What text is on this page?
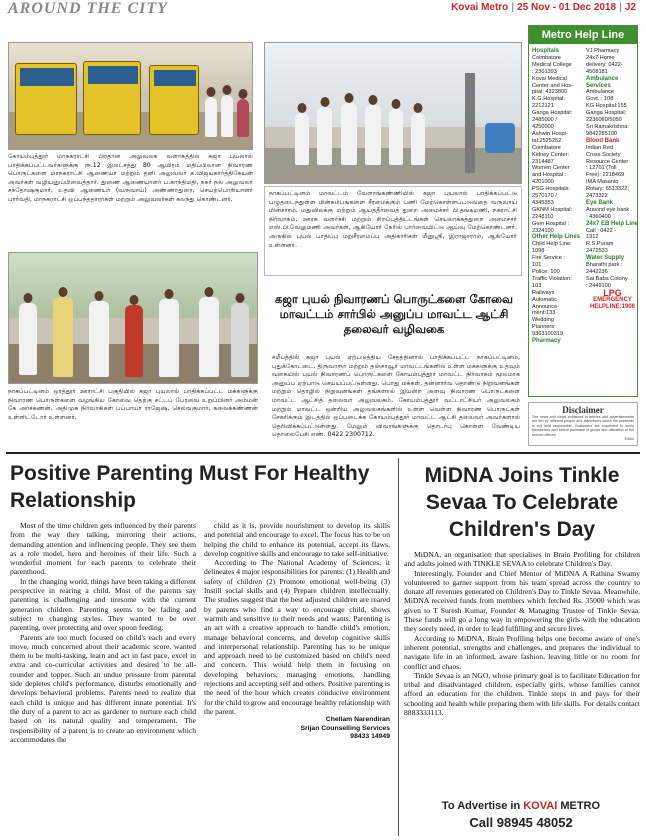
Kovai Metro | 25 Nov - 01 Dec 2018 | J2
AROUND THE CITY
கோயம்புத்தூர் மாநகராட்சி பிரதான அலுவலக வளாகத்தில் கஜா புயலால் பாதிக்கப்பட்டவர்களுக்கு ரூ.12 இலட்சத்து 80 ஆயிரம் மதிப்பிலான நிவாரண பொருட்களை மாநகராட்சி ஆணையர் மற்றும் தனி அலுவலர் க.விஜயகார்த்திகேயன் அவர்கள் வழியனுப்பிவைத்தார். துணை ஆணையாளர் ப.காந்திமதி, நகர் நல அலுவலர் சந்தோஷ்குமார், உதவி ஆணையர் (வருவாய்) அண்ணாதுரை, செயற்பொறியாளர் பார்வதி, மாநகராட்சி ஒப்பந்ததாரர்கள் மற்றும் அலுவலர்கள் கலந்து கொண்டனர்.
நாகப்பட்டினம் மாவட்டம் வேளாங்கண்ணியில் கஜா புயலால் பாதிக்கப்பட்டு பழுதடைந்துள்ள மின்கம்பங்களை சீரமைக்கும் பணி மேற்கொள்ளப்படுவதை வருவாய் மின்சாரம், மதுவிலக்கு மற்றும் ஆயத்தீர்வைத் துறை அமைச்சர் பி.தங்கமணி, நகராட்சி நிர்வாகம், ஊரக வளர்ச்சி மற்றும் சிறப்புத்திட்டங்கள் செயலாக்கத்துறை அமைச்சர் எஸ்.பி.வேலுமணி அவர்கள், ஆகியோர் நேரில் பார்வையிட்டு ஆய்வு மேற்கொண்டனர். அருகில் புயல் பாதிப்பு மறுசீரமைப்பு அதிகாரிகள் மீனுஸ்ரீ, இராஜாராம், ஆகியோர் உள்ளனர்.
நாகப்பட்டினம் ஒரத்தூர் ஊராட்சி பகுதியில் கஜா புயலால் பாதிக்கப்பட்ட மக்களுக்கு நிவாரண பொருள்களை வழங்கிய கோவை தெற்கு சட்டப் பேரவை உறுப்பினர் அம்மன் கே அர்ச்சுணன். அதிமுக நிர்வாகிகள் பப்பாயா ராஜேஷ், செல்வகுமார், கலைக்கண்ணன் உள்ளிட்டோர் உள்ளனர்.
கஜா புயல் நிவாரணப் பொருட்களை கோவை மாவட்டம் சார்பில் அனுப்ப மாவட்ட ஆட்சி தலைவர் வழிவகை
சமீபத்தில் கஜா புயல் ஏற்படுத்திய சேதத்தினால் பாதிக்கப்பட்ட நாகப்பட்டினம், புதுக்கோட்டை, திருவாரூர் மற்றும் தஞ்சாவூர் மாவட்டங்களில் உள்ள மக்களுக்கு உதவும் வகையில் புயல் நிவாரணப் பொருட்களை கோயம்புத்தூர் மாவட்ட நிர்வாகம் மூலமாக அனுப்ப ஏற்பாடு செய்யப்பட்டுள்ளது. பொது மக்கள், தன்னார்வ தொண்டு நிறுவனங்கள் மற்றும் தொழில் நிறுவனங்கள் தங்களால் இயன்ற அளவு நிவாரண பொருட்களை மாவட்ட ஆட்சித் தலைவர் அலுவலகம், கோயம்புத்தூர் வட்டாட்சியர் அலுவலகம் மற்றும் மாவட்ட ஒன்றிய அலுவலகங்களில் உள்ள வெள்ள நிவாரண பொருட்கள் சேகரிக்கும் இடத்தில் ஒப்படைக்க கோயம்புத்தூர் மாவட்ட ஆட்சி தலைவர் அவர்களால் தெரிவிக்கப்பட்டுள்ளது. மேலும் விவரங்களுக்கு தொடர்பு கொள்ள வேண்டிய தொலைபேசி எண். 0422 2300712.
Metro Help Line
Hospitals
Coimbatore
Medical College
: 2301393
Kovai Medical
Center and Hos-
pital: 4323800
K.G.Hospital:
2212121
Ganga Hospital:
2485000 /
4250000
Ashwin Hospi-
tal:2525252
Coimbatore
Kidney Center:
2314487
Women Center
and Hospital :
4201000
PSG Hospitals:
2570170 /
4345353
GKNM Hospital:
2248110
Gem Hospital :
2324100
Other Help Lines
Child Help Line:
1098
Fire Service :
101
Police: 100
Traffic Violation:
103
Railways
Automatic
Announce-
ment:133
Wedding
Planners:
9363100319
Pharmacy
VJ Pharmacy
24x7 Home
delivery: 0422-
4508181
Ambulance Services
Ambulance
Govt. : 108
KG Hospital:155
Ganga Hospital:
2236060/5050
Sri Ramakrishna:
9842285100
Blood Bank
Indian Red
Cross Society
Resource Center
: 12701 (Toll
Free): 2218469
IMA Masanio
Rotary: 6513322,
2473322
Eye Bank
Aravind eye bank
: 4360400
24x7 EB Help Line
Call : 0422 -
1912
R.S.Puram
2472533
Water Supply
Bharathi park :
2442236
Sai Baba Colony
: 2449100
LPG
EMERGENCY HELPLINE:1906
Disclaimer
The news and views published in articles and advertisements are fed by different people and advertisers which the publisher is not held responsible. Customers are requested to verify themselves well before purchase of goods and utilization of the service offered.
Editor
Positive Parenting Must For Healthy Relationship

Most of the time children gets influenced by their parents from the way they talking, mirroring their actions, demanding attention and influencing people. They see them as a role model, hero and heroines of their life. Such a wonderful moment for each parents to celebrate their parenthood.

In the changing world, things have been taking a different perspective in rearing a child. Most of the parents say parenting is challenging and tiresome with the current generation children. Parenting seems to be fading and subject to changing styles. They wanted to be over parenting, over protecting and over spoon feeding.

Parents are too much focused on child's each and every move, much concerned about their academic score, wanted them to be multi-tasking, learn and act in fast pace, excel in extra and co-curricular activities and desired to be all-rounder and topper. Such an undue pressure from parental side depletes child's performance, disturbs emotionally and develops behavioral problems. Parents need to realize that each child is unique and has different innate potential. It's the duty of a parent to act as gardener to nurture each child based on its natural quality and temperament. The responsibility of a parent is to create an environment which accommodates the

child as it is, provide nourishment to develop its skills and potential and encourage to excel. The focus has to be on helping the child to enhance its potential, accept its flaws, develop cognitive skills and encourage to take self-initiative.

According to The National Academy of Sciences, it delineates 4 major responsibilities for parents: (1) Health and safety of children (2) Promote emotional well-being (3) Instill social skills and (4) Prepare children intellectually. The studies suggest that the best adjusted children are reared by parents who find a way to encourage child, shows warmth and sensitive to their needs and wants. Parenting is an art with a creative approach to handle child's emotion, manage behavioral concerns, and develop cognitive skills and interpersonal relationship. Parenting has to be unique and approach need to be customized based on child's need and concern. This would help them in focusing on developing behaviors, managing emotions, handling rejections and accepting self and others. Positive parenting is the need of the hour which creates conducive environment for the child to grow and encourage healthy relationship with the parent.

Chellam Narendiran
Srijan Counselling Services
98433 14949
MiDNA Joins Tinkle Sevaa To Celebrate Children's Day

MiDNA, an organisation that specialises in Brain Profiling for children and adults joined with TINKLE SEVAA to celebrate Children's Day.

Interestingly, Founder and Chief Mentor of MiDNA A Rathina Swamy volunteered to garner support from his team spread across the country to donate all revenues generated on Children's Day to Tinkle Sevaa. Meanwhile, MiDNA received funds from members which fetched Rs. 35000 which was given to T Suresh Kumar, Founder & Managing Trustee of Tinkle Sevaa. These funds will go a long way in empowering the girls with the education they sorely need, in order to lead fulfilling and secure lives.

According to MiDNA, Brain Profiling helps one become aware of one's inherent potential, strengths and challenges, and prepares the individual to navigate life in an informed, aware fashion, leaving little or no room for conflict and chaos.

Tinkle Sevaa is an NGO, whose primary goal is to facilitate Education for tribal and disadvantaged children, especially girls, whose families cannot afford an education for the children. Tinkle steps in and pays for their schooling and health while preparing them with life skills. For details contact 8883333113.

To Advertise in KOVAI METRO
Call 98945 48052
